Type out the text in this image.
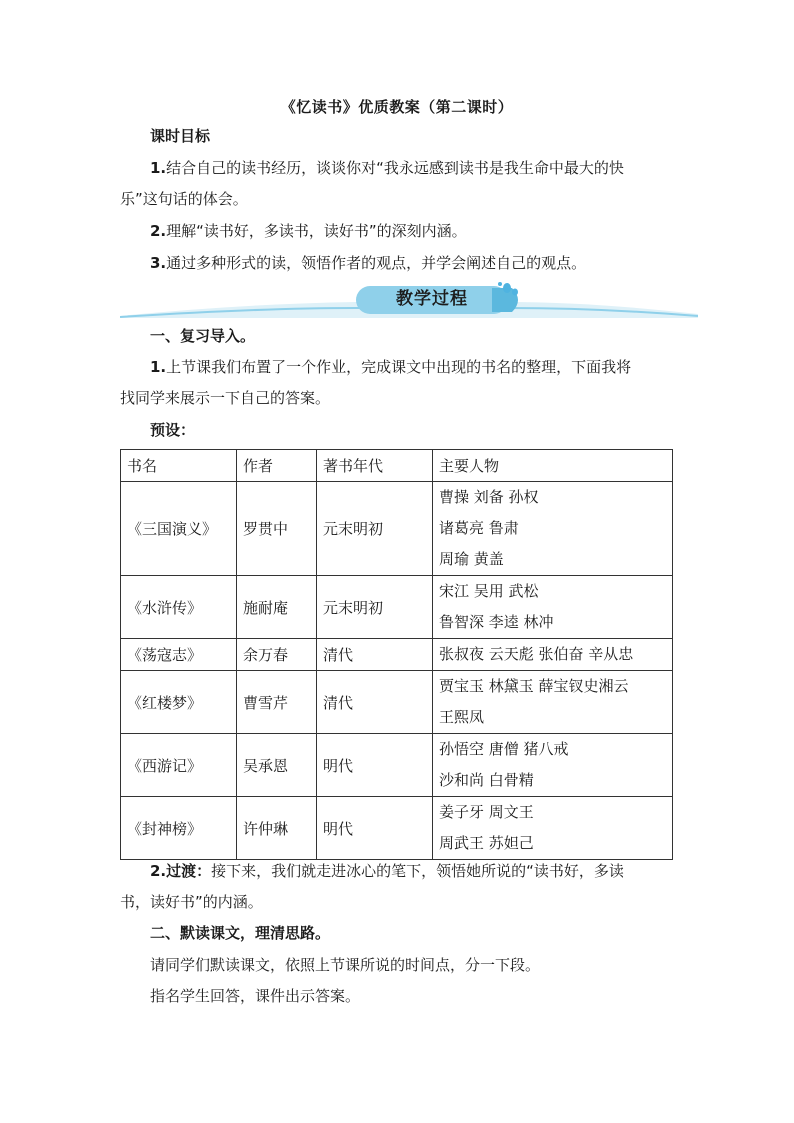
《忆读书》优质教案（第二课时）
课时目标
1.结合自己的读书经历，谈谈你对“我永远感到读书是我生命中最大的快
乐”这句话的体会。
2.理解“读书好，多读书，读好书”的深刻内涵。
3.通过多种形式的读，领悟作者的观点，并学会阐述自己的观点。
教学过程
一、复习导入。
1.上节课我们布置了一个作业，完成课文中出现的书名的整理，下面我将
找同学来展示一下自己的答案。
预设：
书名	作者	著书年代	主要人物
《三国演义》	罗贯中	元末明初	曹操 刘备 孙权
诸葛亮 鲁肃
周瑜 黄盖

《水浒传》	施耐庵	元末明初	宋江 吴用 武松
鲁智深 李逵 林冲

《荡寇志》	余万春	清代	张叔夜 云天彪 张伯奋 辛从忠

《红楼梦》	曹雪芹	清代	贾宝玉 林黛玉 薛宝钗史湘云
王熙凤

《西游记》	吴承恩	明代	孙悟空 唐僧 猪八戒
沙和尚 白骨精

《封神榜》	许仲琳	明代	姜子牙 周文王
周武王 苏妲己
2.过渡：接下来，我们就走进冰心的笔下，领悟她所说的“读书好，多读
书，读好书”的内涵。
二、默读课文，理清思路。
请同学们默读课文，依照上节课所说的时间点，分一下段。
指名学生回答，课件出示答案。
